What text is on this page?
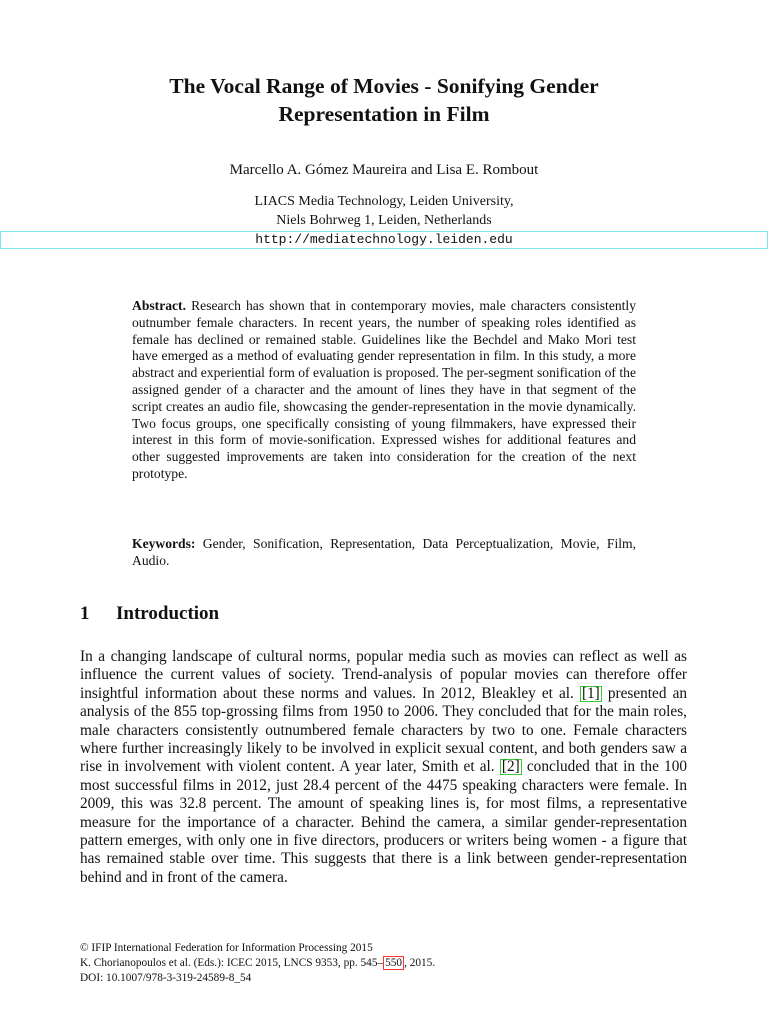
The Vocal Range of Movies - Sonifying Gender
Representation in Film
Marcello A. Gómez Maureira and Lisa E. Rombout
LIACS Media Technology, Leiden University,
Niels Bohrweg 1, Leiden, Netherlands
http://mediatechnology.leiden.edu

Abstract. Research has shown that in contemporary movies, male characters consistently outnumber female characters. In recent years, the number of speaking roles identified as female has declined or remained stable. Guidelines like the Bechdel and Mako Mori test have emerged as a method of evaluating gender representation in film. In this study, a more abstract and experiential form of evaluation is proposed. The per-segment sonification of the assigned gender of a character and the amount of lines they have in that segment of the script creates an audio file, showcasing the gender-representation in the movie dynamically. Two focus groups, one specifically consisting of young filmmakers, have expressed their interest in this form of movie-sonification. Expressed wishes for additional features and other suggested improvements are taken into consideration for the creation of the next prototype.

Keywords: Gender, Sonification, Representation, Data Perceptualization, Movie, Film, Audio.

1 Introduction

In a changing landscape of cultural norms, popular media such as movies can reflect as well as influence the current values of society. Trend-analysis of popular movies can therefore offer insightful information about these norms and values. In 2012, Bleakley et al. [1] presented an analysis of the 855 top-grossing films from 1950 to 2006. They concluded that for the main roles, male characters consistently outnumbered female characters by two to one. Female characters where further increasingly likely to be involved in explicit sexual content, and both genders saw a rise in involvement with violent content. A year later, Smith et al. [2] concluded that in the 100 most successful films in 2012, just 28.4 percent of the 4475 speaking characters were female. In 2009, this was 32.8 percent. The amount of speaking lines is, for most films, a representative measure for the importance of a character. Behind the camera, a similar gender-representation pattern emerges, with only one in five directors, producers or writers being women - a figure that has remained stable over time. This suggests that there is a link between gender-representation behind and in front of the camera.

© IFIP International Federation for Information Processing 2015
K. Chorianopoulos et al. (Eds.): ICEC 2015, LNCS 9353, pp. 545– 550 , 2015.
DOI: 10.1007/978-3-319-24589-8_54
